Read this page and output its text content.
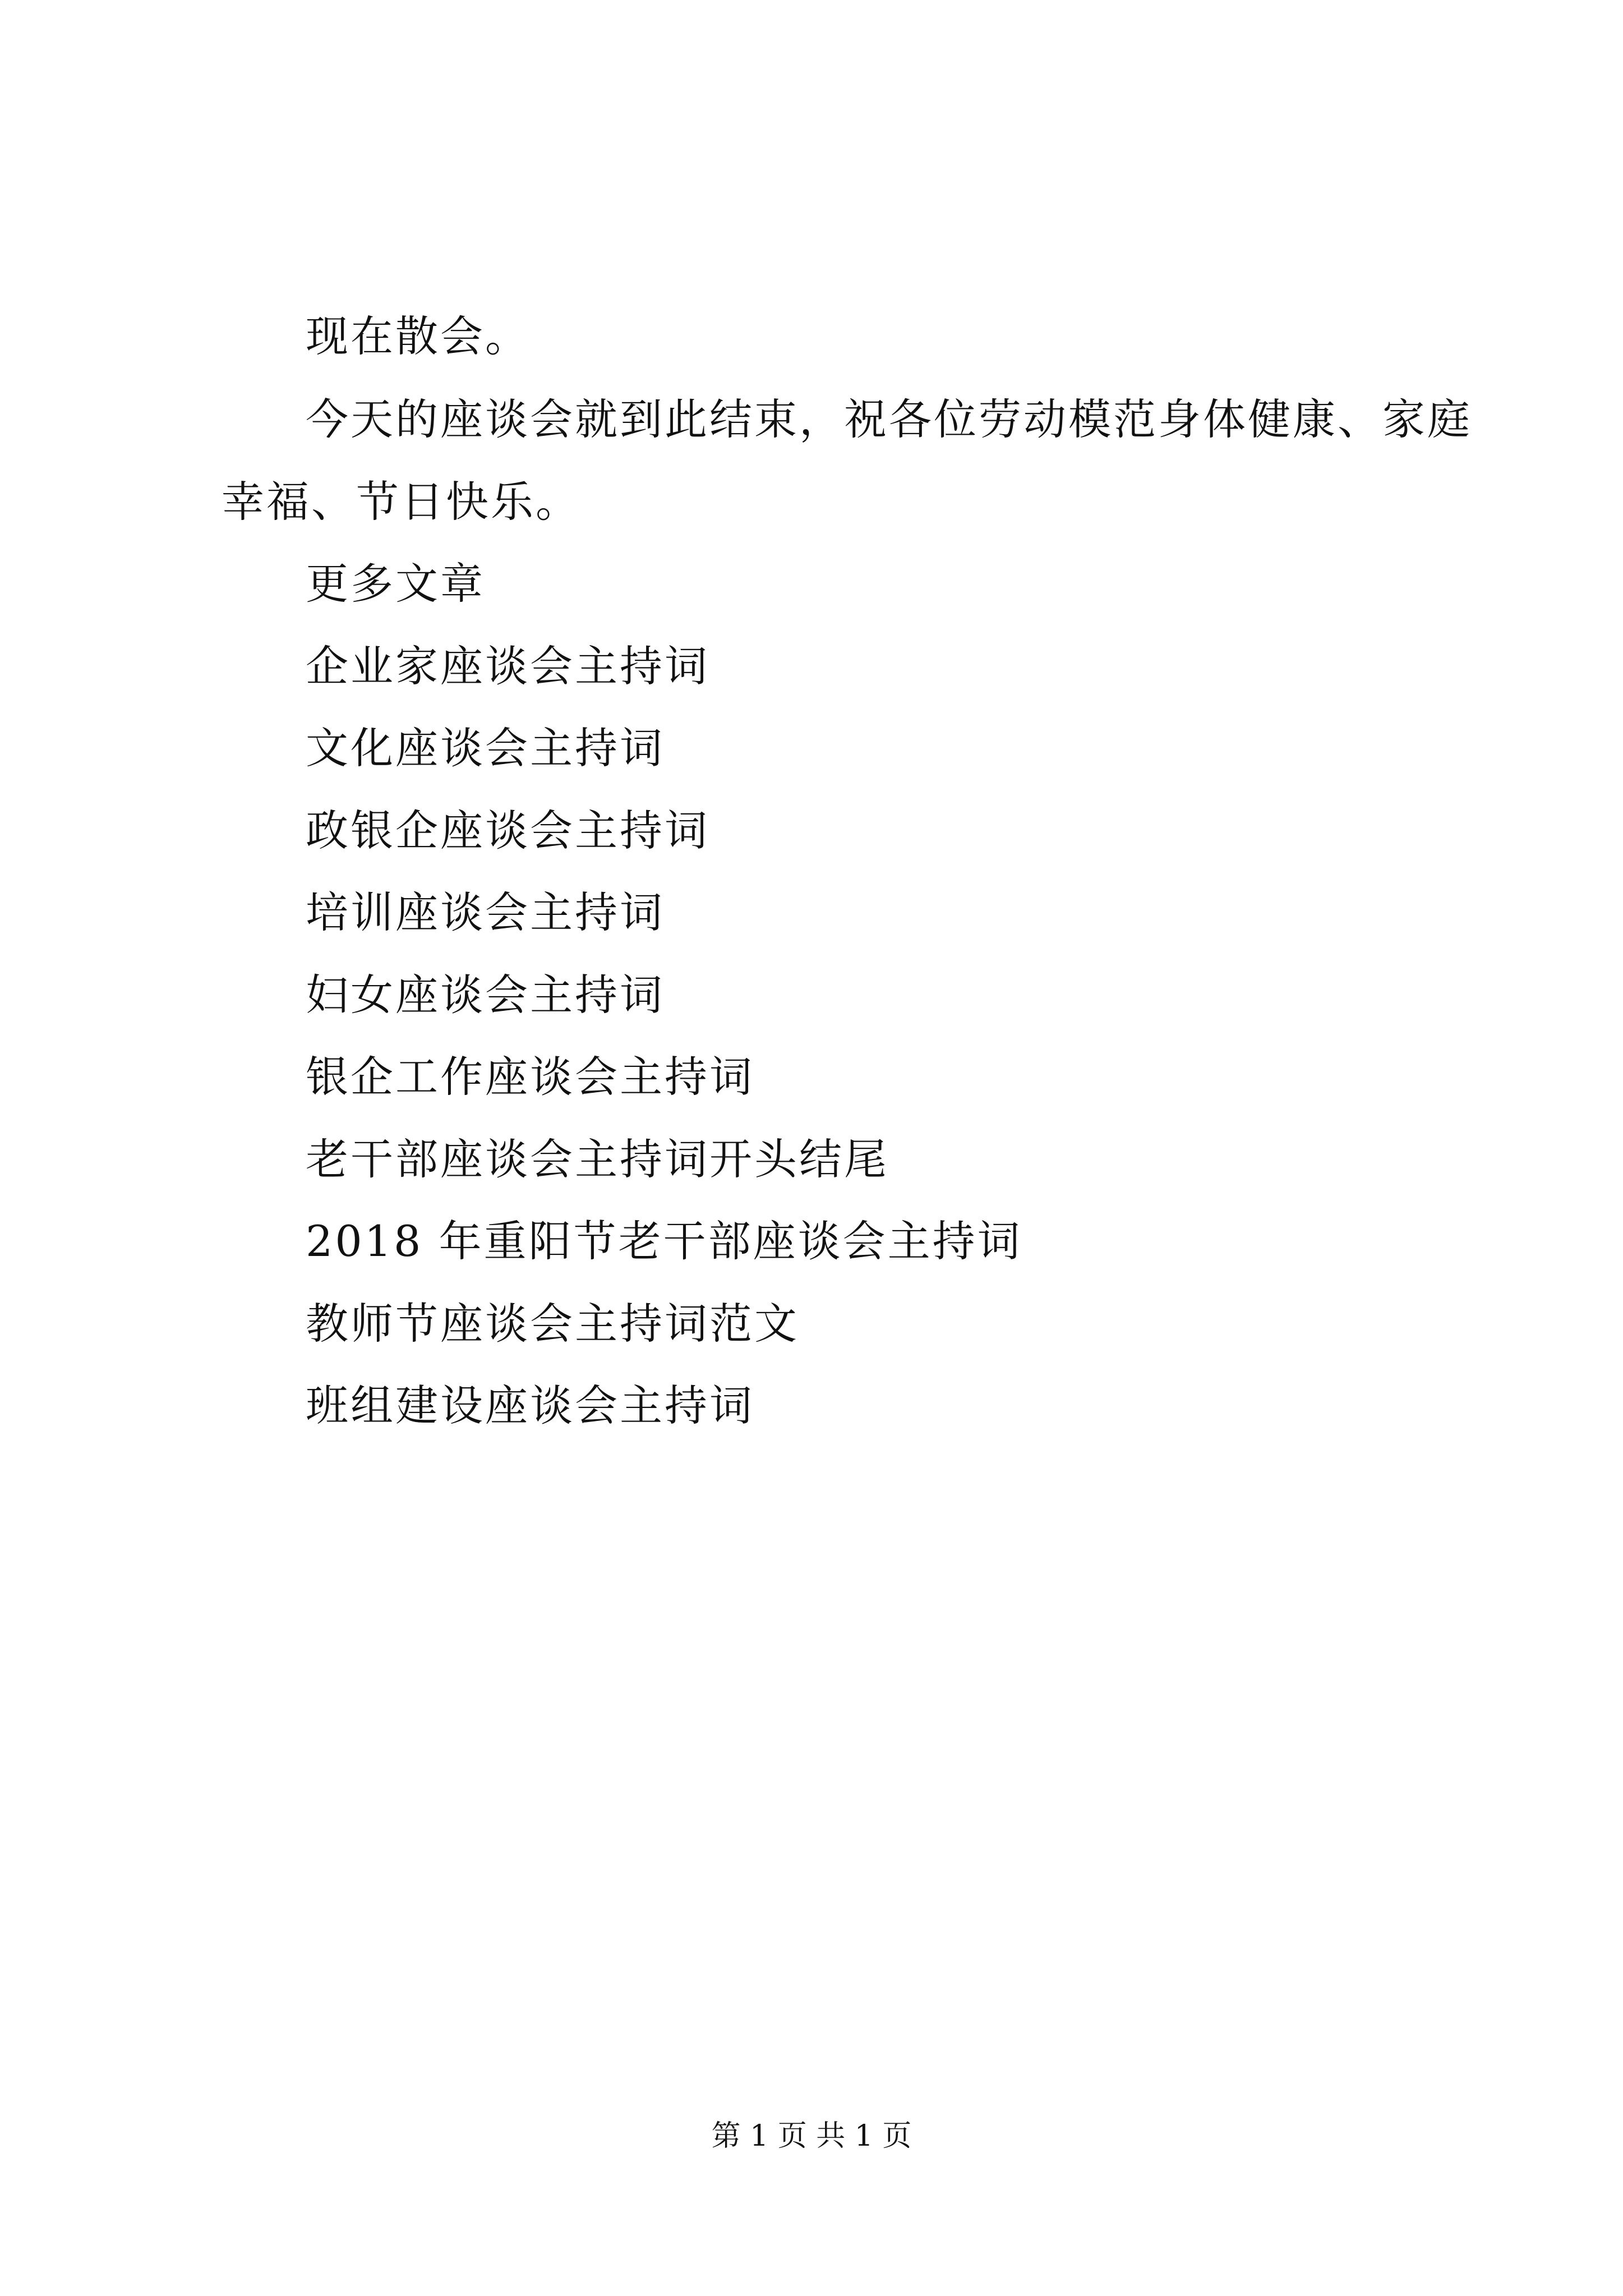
现在散会。
今天的座谈会就到此结束，祝各位劳动模范身体健康、家庭
幸福、节日快乐。
更多文章
企业家座谈会主持词
文化座谈会主持词
政银企座谈会主持词
培训座谈会主持词
妇女座谈会主持词
银企工作座谈会主持词
老干部座谈会主持词开头结尾
2018 年重阳节老干部座谈会主持词
教师节座谈会主持词范文
班组建设座谈会主持词
第 1 页 共 1 页
